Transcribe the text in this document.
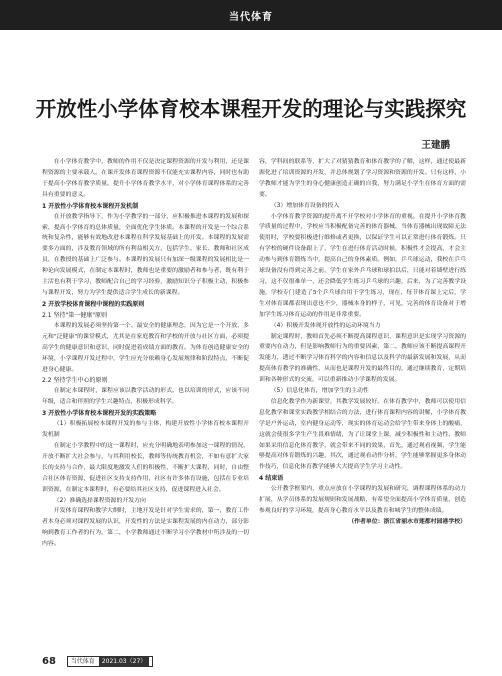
当代体育
开放性小学体育校本课程开发的理论与实践探究
王建鹏

在小学体育教学中，教师的作用不仅是决定课程资源的开发与利用，还是课程资源的主要承载人。在课开发体育课程资源不仅能充实课程内容，同时也有助于提高小学体育教学质量。提升小学体育教学水平，对小学体育课程体系的完善具有重要的意义。

1 开放性小学体育校本课程开发机制

在开放教学指导下，作为小学教学的一部分，应积极推进本课程的发展和探索，提高小学体育的总体质量，全面优化学生体质。本课程的开发是一个综合系统和复杂性，能够有效地改进本课程在科学发展基础上的开发。本课程的发展需要多方面的，涉及教育领域的所有利益相关方，包括学生、家长、教师和社区成员，在教授的基础上广泛参与。本课程的发展只有加深一级课程的发展相比是一种论向发展模式，在制定本课程时，教师也是重要的激励者和参与者，既有利于主活也有利于学习，教师配合自己的学习经验，激励知识分子积极主动，积极参与课程开发，努力为学生提供适合学生成长的新课程。

2 开放学校体育课程中课程的实践原则
2.1 坚持"第一健康"原则

本课程的发展必须坚持第一个、最安全的健康理念，因为它是一个开放、多元和"泛健康"的课堂模式，尤其是在家庭教育和学校的开放与社区方面，必须提高学生的健康意识和意识，同时促进着成绩方面的教育。为体育创造健康安全的环境，小学课程开发过程中，学生应充分依赖身心发展规律和阶段特点，不断促进身心健康。

2.2 坚持学生中心的原则

在制定本课程时，课程应该以教学活动的形式，也以培训的形式，应该不同年级，适合和伴照的学生兴趣特点，积极形成科学。

3 开放性小学体育校本课程开发的实践策略

（1）积极拓展校本课程开发的参与主体，构建开放性小学体育校本课程开发机制

在制定小学教程中的这一课程时，应充分明确地表明参加这一课程的情况，开放不断扩大社会参与，与其利用校长，教师等传统教育机会，不如有意扩大家长的支持与合作，最大限度地激发人们的积极性，不断扩大课程，同时，自由整合社区体育资源，促进社区支持支持作用，社区有许多体育设施，包括在专业培训资源，在制定本课程时，有必要给其社区支持，促进课程进入社会。

（2）准确选择课程资源的开发方向

开发体育课程和教学大纲时，主地开发是针对学生需求的，第一，教育工作者本身必须对课程发展的认识，开发性的方法是实课程发展的内在动力，部分影响到教育工作者的行为，第二，小学教师通过不断学习小学教材中所涉及的一切内容。

容，学科间的联系等，扩大了对猜猜教育和体育教学的了解，这样，通过使最新源化进了培训资源的开发，并总体规划了学习资源和资源的开发。只有这样，小学教师才能为学生的身心健康创造正确的自我，努力满足小学生在体育方面的需要。

（3）增加体育设备的投入

小学体育教学资源的提升离不开学校对小学体育的重视。在提升小学体育教学质量的过程中，学校应当积极配备完善的体育器械。当体育器械出现故障无法使用时，学校要积极进行维修或者更换，以保证学生可以正常进行体育锻炼。只有学校的硬件设备跟上了，学生在进行体育活动时候，积极性才会提高，才会主动参与到体育锻炼当中，提高自己的身体素质。例如，乒乓球运动，我校在乒乓球设备没有得到完善之前，学生在家外乒乓球和球拍以后，只能对着墙壁进行练习，这不仅很难单一，还会降低学生练习乒乓球的兴趣，后来，为了完善教学设施，学校专门建造了5个乒乓球台用于学生练习，现在，每节体育课上完后，学生对体育课都表现出意也不少，器械本身的样子，可见，完善的体育设备对于增加学生练习体育运动的作用是非常重要。

（4）积极开发体现开放性的运动环境当力

制定课程时，教师首先必须不断提高课程意识，课程意识是实现学习资源的重要内在动力，但是影响教师行为的重要因素，第二，教师应该不断提高课程开发能力，透过不断学习体育科学的内容和信息以及科学的最新发展和发展，从而提高体育教学的准确性，从而也是课程开发的最终目的，通过继续教育，定期培训和各种形式的交流，可以重新推动小学课程的发展。

（5）信息化体育，增加学生的主动性

信息化教学作为新课堂，其教学发展较好。在体育教学中，教师可以使用信息化教学和课堂实践教学相结合的方法，进行体育课程内容的讲解，小学体育教学是户外运动，室内健身运动等，现实的体育运动会给学生带来身体上的酸痛，这就会使很多学生产生畏难情绪，为了让课堂上课，减少积极性和主动性，教师如果采用信息化体育教学，就会带来不同的效果，首先，通过观看视频，学生能够提高对体育锻炼的兴趣，其次，通过观看动作分析，学生能够掌握更多身体动作技巧，信息化体育教学能够大大提高学生学习主动性。

4 结束语

公开教学框架内，重点应放在小学课程的发展和研究，调程课程体系的动力扩展，从学员体系的发展规则和发展战略，有希望全面提高小学体育质量，创造参观良好的学习环境，提高身心教育水平以及教育和城学生的整体成绩。

（作者单位：浙江省丽水市莲都村园港学校）

68 当代体育 2021.03（27）
